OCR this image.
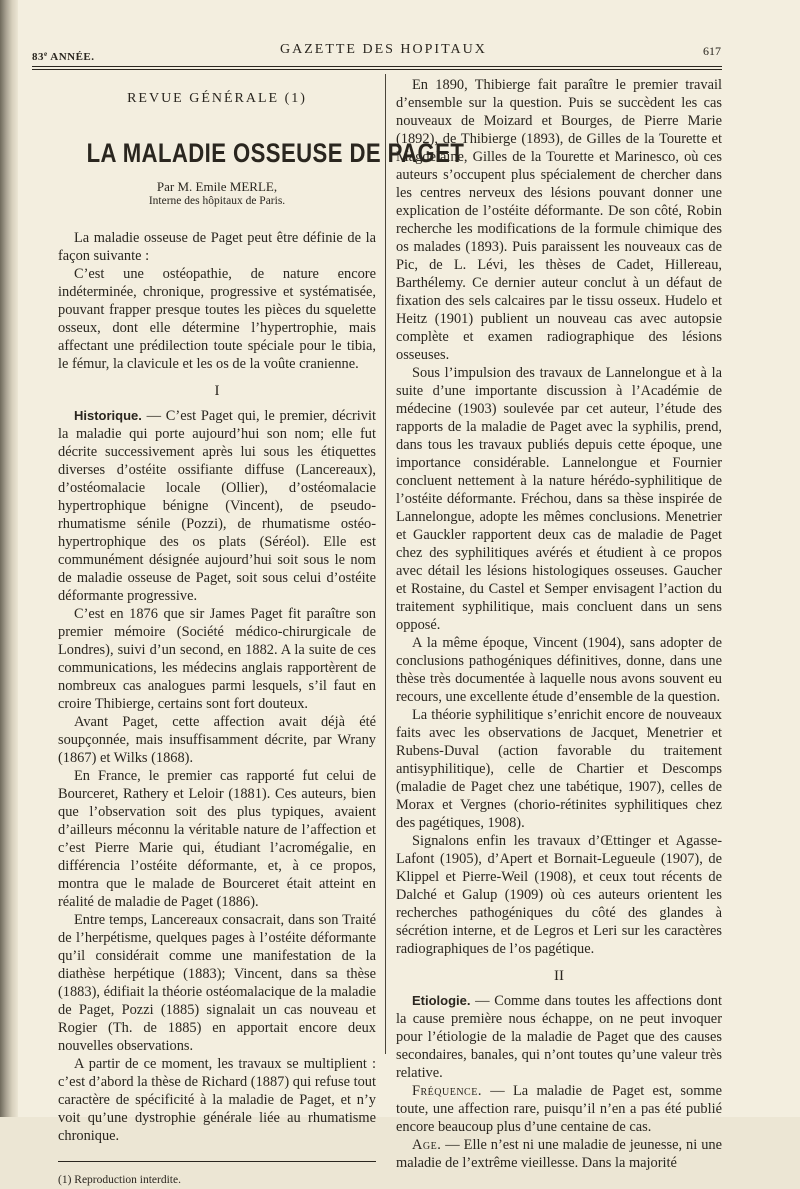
83e ANNÉE.	GAZETTE DES HOPITAUX	617
REVUE GÉNÉRALE (1)
LA MALADIE OSSEUSE DE PAGET
Par M. Emile MERLE,
Interne des hôpitaux de Paris.

La maladie osseuse de Paget peut être définie de la façon suivante :

C’est une ostéopathie, de nature encore indéterminée, chronique, progressive et systématisée, pouvant frapper presque toutes les pièces du squelette osseux, dont elle détermine l’hypertrophie, mais affectant une prédilection toute spéciale pour le tibia, le fémur, la clavicule et les os de la voûte cranienne.

I

Historique. — C’est Paget qui, le premier, décrivit la maladie qui porte aujourd’hui son nom; elle fut décrite successivement après lui sous les étiquettes diverses d’ostéite ossifiante diffuse (Lancereaux), d’ostéomalacie locale (Ollier), d’ostéomalacie hypertrophique bénigne (Vincent), de pseudo-rhumatisme sénile (Pozzi), de rhumatisme ostéo-hypertrophique des os plats (Séréol). Elle est communément désignée aujourd’hui soit sous le nom de maladie osseuse de Paget, soit sous celui d’ostéite déformante progressive.

C’est en 1876 que sir James Paget fit paraître son premier mémoire (Société médico-chirurgicale de Londres), suivi d’un second, en 1882. A la suite de ces communications, les médecins anglais rapportèrent de nombreux cas analogues parmi lesquels, s’il faut en croire Thibierge, certains sont fort douteux.

Avant Paget, cette affection avait déjà été soupçonnée, mais insuffisamment décrite, par Wrany (1867) et Wilks (1868).

En France, le premier cas rapporté fut celui de Bourceret, Rathery et Leloir (1881). Ces auteurs, bien que l’observation soit des plus typiques, avaient d’ailleurs méconnu la véritable nature de l’affection et c’est Pierre Marie qui, étudiant l’acromégalie, en différencia l’ostéite déformante, et, à ce propos, montra que le malade de Bourceret était atteint en réalité de maladie de Paget (1886).

Entre temps, Lancereaux consacrait, dans son Traité de l’herpétisme, quelques pages à l’ostéite déformante qu’il considérait comme une manifestation de la diathèse herpétique (1883); Vincent, dans sa thèse (1883), édifiait la théorie ostéomalacique de la maladie de Paget, Pozzi (1885) signalait un cas nouveau et Rogier (Th. de 1885) en apportait encore deux nouvelles observations.

A partir de ce moment, les travaux se multiplient : c’est d’abord la thèse de Richard (1887) qui refuse tout caractère de spécificité à la maladie de Paget, et n’y voit qu’une dystrophie générale liée au rhumatisme chronique.

(1) Reproduction interdite.

En 1890, Thibierge fait paraître le premier travail d’ensemble sur la question. Puis se succèdent les cas nouveaux de Moizard et Bourges, de Pierre Marie (1892), de Thibierge (1893), de Gilles de la Tourette et Magdelaine, Gilles de la Tourette et Marinesco, où ces auteurs s’occupent plus spécialement de chercher dans les centres nerveux des lésions pouvant donner une explication de l’ostéite déformante. De son côté, Robin recherche les modifications de la formule chimique des os malades (1893). Puis paraissent les nouveaux cas de Pic, de L. Lévi, les thèses de Cadet, Hillereau, Barthélemy. Ce dernier auteur conclut à un défaut de fixation des sels calcaires par le tissu osseux. Hudelo et Heitz (1901) publient un nouveau cas avec autopsie complète et examen radiographique des lésions osseuses.

Sous l’impulsion des travaux de Lannelongue et à la suite d’une importante discussion à l’Académie de médecine (1903) soulevée par cet auteur, l’étude des rapports de la maladie de Paget avec la syphilis, prend, dans tous les travaux publiés depuis cette époque, une importance considérable. Lannelongue et Fournier concluent nettement à la nature hérédo-syphilitique de l’ostéite déformante. Fréchou, dans sa thèse inspirée de Lannelongue, adopte les mêmes conclusions. Menetrier et Gauckler rapportent deux cas de maladie de Paget chez des syphilitiques avérés et étudient à ce propos avec détail les lésions histologiques osseuses. Gaucher et Rostaine, du Castel et Semper envisagent l’action du traitement syphilitique, mais concluent dans un sens opposé.

A la même époque, Vincent (1904), sans adopter de conclusions pathogéniques définitives, donne, dans une thèse très documentée à laquelle nous avons souvent eu recours, une excellente étude d’ensemble de la question.

La théorie syphilitique s’enrichit encore de nouveaux faits avec les observations de Jacquet, Menetrier et Rubens-Duval (action favorable du traitement antisyphilitique), celle de Chartier et Descomps (maladie de Paget chez une tabétique, 1907), celles de Morax et Vergnes (chorio-rétinites syphilitiques chez des pagétiques, 1908).

Signalons enfin les travaux d’Œttinger et Agasse-Lafont (1905), d’Apert et Bornait-Legueule (1907), de Klippel et Pierre-Weil (1908), et ceux tout récents de Dalché et Galup (1909) où ces auteurs orientent les recherches pathogéniques du côté des glandes à sécrétion interne, et de Legros et Leri sur les caractères radiographiques de l’os pagétique.

II

Etiologie. — Comme dans toutes les affections dont la cause première nous échappe, on ne peut invoquer pour l’étiologie de la maladie de Paget que des causes secondaires, banales, qui n’ont toutes qu’une valeur très relative.

Fréquence. — La maladie de Paget est, somme toute, une affection rare, puisqu’il n’en a pas été publié encore beaucoup plus d’une centaine de cas.

Age. — Elle n’est ni une maladie de jeunesse, ni une maladie de l’extrême vieillesse. Dans la majorité
